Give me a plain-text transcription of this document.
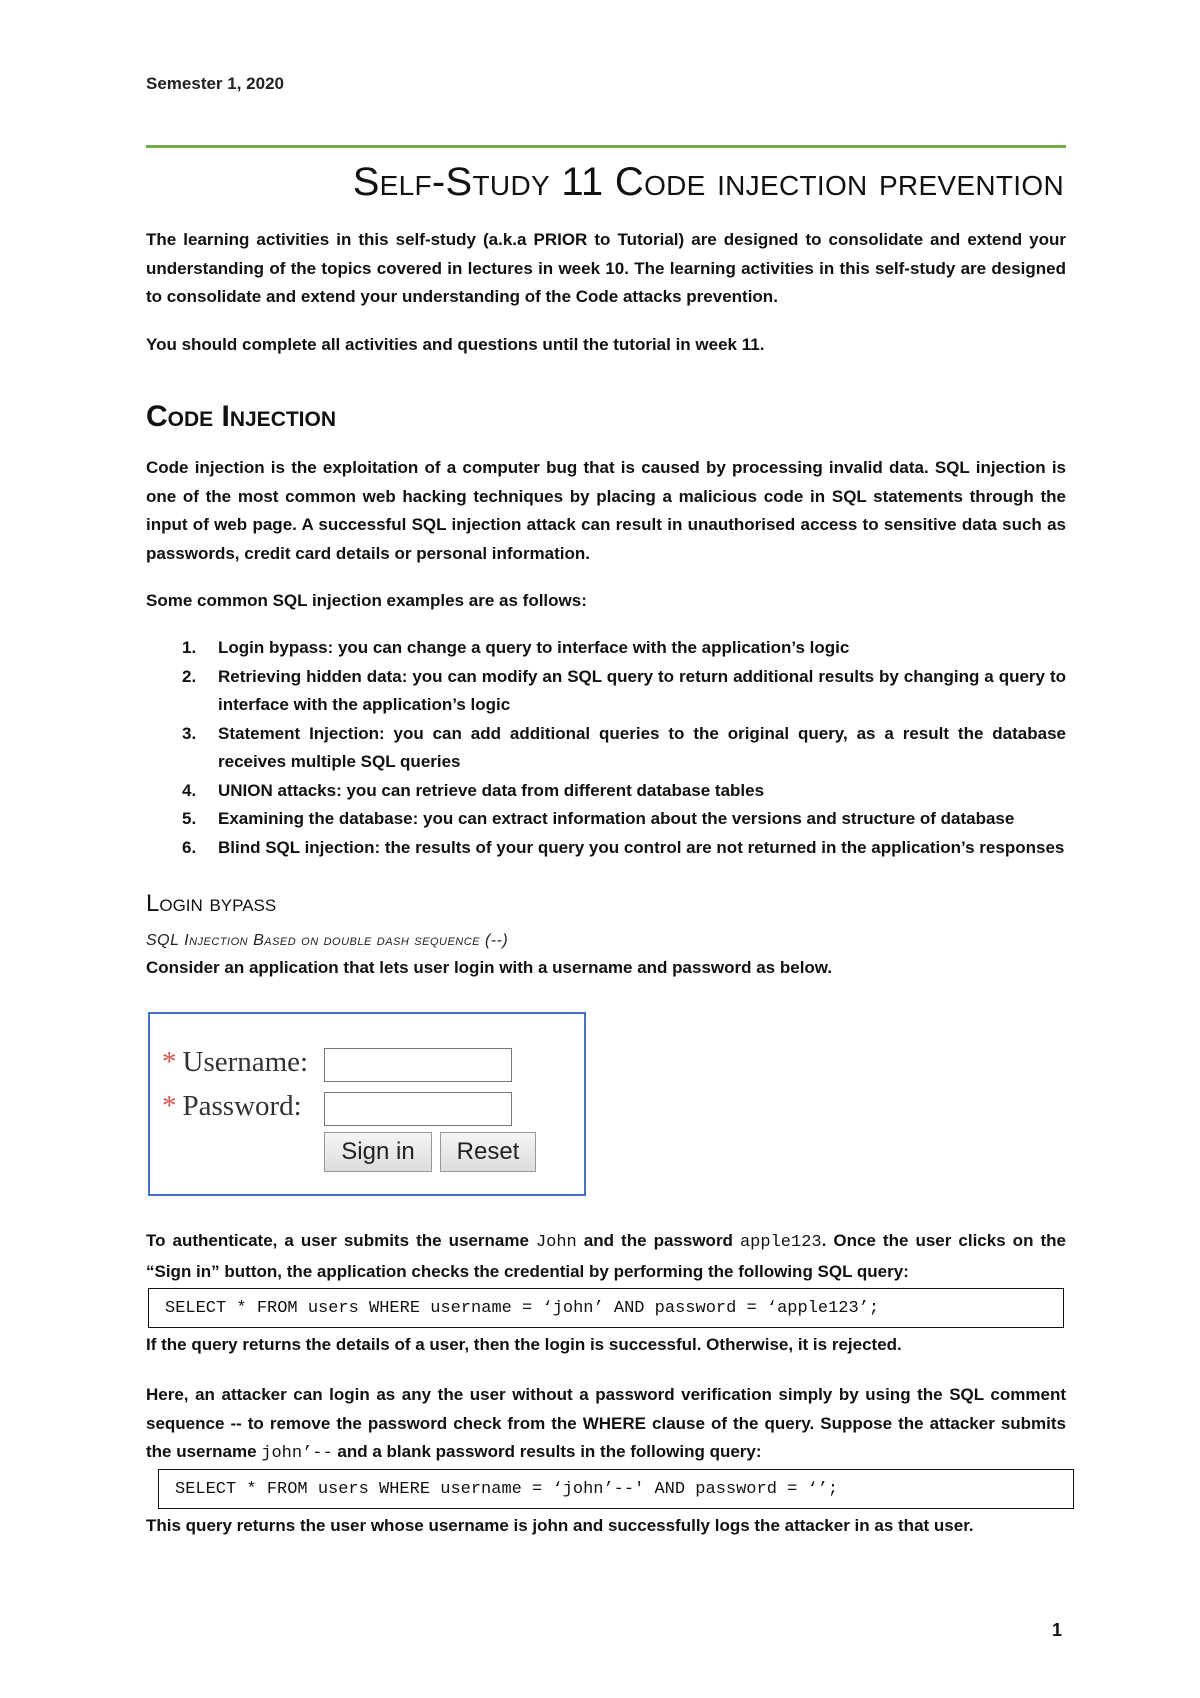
Semester 1, 2020
Self-Study 11 Code injection prevention

The learning activities in this self-study (a.k.a PRIOR to Tutorial) are designed to consolidate and extend your understanding of the topics covered in lectures in week 10. The learning activities in this self-study are designed to consolidate and extend your understanding of the Code attacks prevention.

You should complete all activities and questions until the tutorial in week 11.

Code Injection

Code injection is the exploitation of a computer bug that is caused by processing invalid data. SQL injection is one of the most common web hacking techniques by placing a malicious code in SQL statements through the input of web page. A successful SQL injection attack can result in unauthorised access to sensitive data such as passwords, credit card details or personal information.

Some common SQL injection examples are as follows:

1. Login bypass: you can change a query to interface with the application’s logic
2. Retrieving hidden data: you can modify an SQL query to return additional results by changing a query to interface with the application’s logic
3. Statement Injection: you can add additional queries to the original query, as a result the database receives multiple SQL queries
4. UNION attacks: you can retrieve data from different database tables
5. Examining the database: you can extract information about the versions and structure of database
6. Blind SQL injection: the results of your query you control are not returned in the application’s responses
Login bypass
SQL Injection Based on double dash sequence (--)

Consider an application that lets user login with a username and password as below.

* Username:
* Password:
Sign in	Reset

To authenticate, a user submits the username John and the password apple123. Once the user clicks on the “Sign in” button, the application checks the credential by performing the following SQL query:

SELECT * FROM users WHERE username = ‘john’ AND password = ‘apple123’;

If the query returns the details of a user, then the login is successful. Otherwise, it is rejected.

Here, an attacker can login as any the user without a password verification simply by using the SQL comment sequence -- to remove the password check from the WHERE clause of the query. Suppose the attacker submits the username john’-- and a blank password results in the following query:

SELECT * FROM users WHERE username = ‘john’--' AND password = ‘’;

This query returns the user whose username is john and successfully logs the attacker in as that user.

1
